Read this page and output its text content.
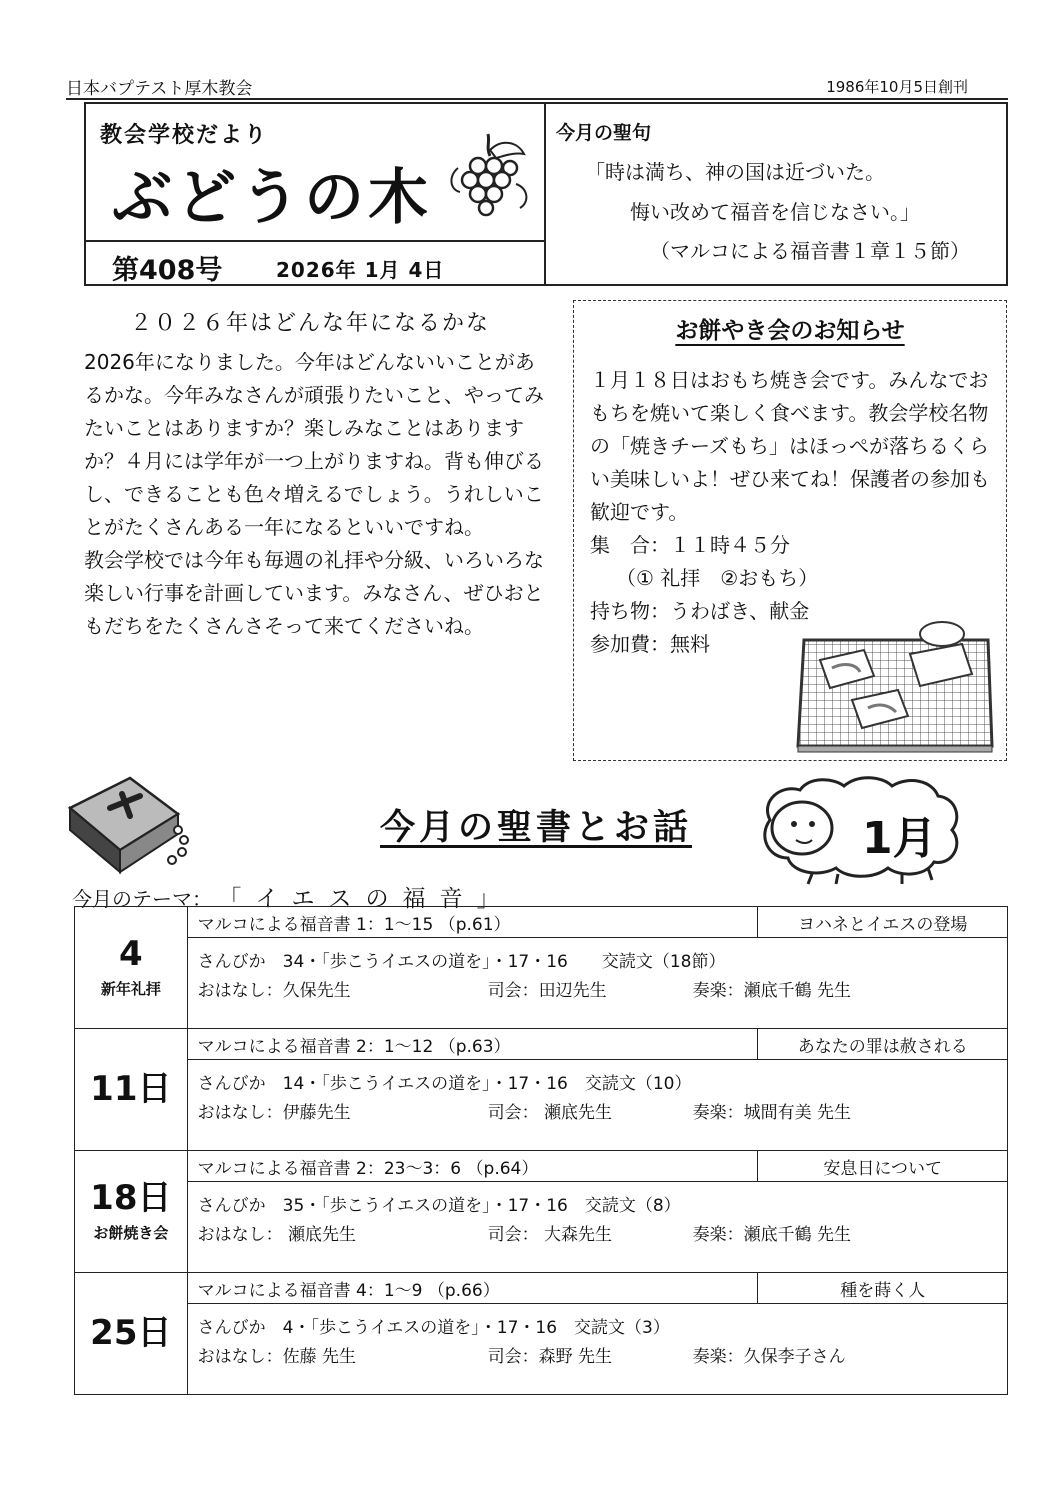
日本バプテスト厚木教会	1986年10月5日創刊
教会学校だより
ぶどうの木
第408号	2026年 1月 4日
今月の聖句
「時は満ち、神の国は近づいた。
悔い改めて福音を信じなさい。」
（マルコによる福音書１章１５節）
２０２６年はどんな年になるかな

2026年になりました。今年はどんないいことがあるかな。今年みなさんが頑張りたいこと、やってみたいことはありますか？楽しみなことはありますか？４月には学年が一つ上がりますね。背も伸びるし、できることも色々増えるでしょう。うれしいことがたくさんある一年になるといいですね。

教会学校では今年も毎週の礼拝や分級、いろいろな楽しい行事を計画しています。みなさん、ぜひおともだちをたくさんさそって来てくださいね。

お餅やき会のお知らせ

１月１８日はおもち焼き会です。みんなでおもちを焼いて楽しく食べます。教会学校名物の「焼きチーズもち」はほっぺが落ちるくらい美味しいよ！ぜひ来てね！保護者の参加も歓迎です。

集　合：１１時４５分

（① 礼拝　②おもち）

持ち物：うわばき、献金

参加費：無料

今月の聖書とお話	1月
今月のテーマ： 「イエスの福音」
4
新年礼拝	マルコによる福音書 1：1〜15 （p.61）	ヨハネとイエスの登場

	さんびか　34・「歩こうイエスの道を」・17・16　　交読文（18節）
おはなし：久保先生 司会：田辺先生 奏楽：瀬底千鶴 先生	

11日	マルコによる福音書 2：1〜12 （p.63）	あなたの罪は赦される

	さんびか　14・「歩こうイエスの道を」・17・16　交読文（10）
おはなし：伊藤先生 司会： 瀬底先生 奏楽：城間有美 先生	

18日
お餅焼き会	マルコによる福音書 2：23〜3：6 （p.64）	安息日について

	さんびか　35・「歩こうイエスの道を」・17・16　交読文（8）
おはなし： 瀬底先生 司会： 大森先生 奏楽：瀬底千鶴 先生	

25日	マルコによる福音書 4：1〜9 （p.66）	種を蒔く人

	さんびか　4・「歩こうイエスの道を」・17・16　交読文（3）
おはなし：佐藤 先生 司会：森野 先生 奏楽：久保李子さん	
